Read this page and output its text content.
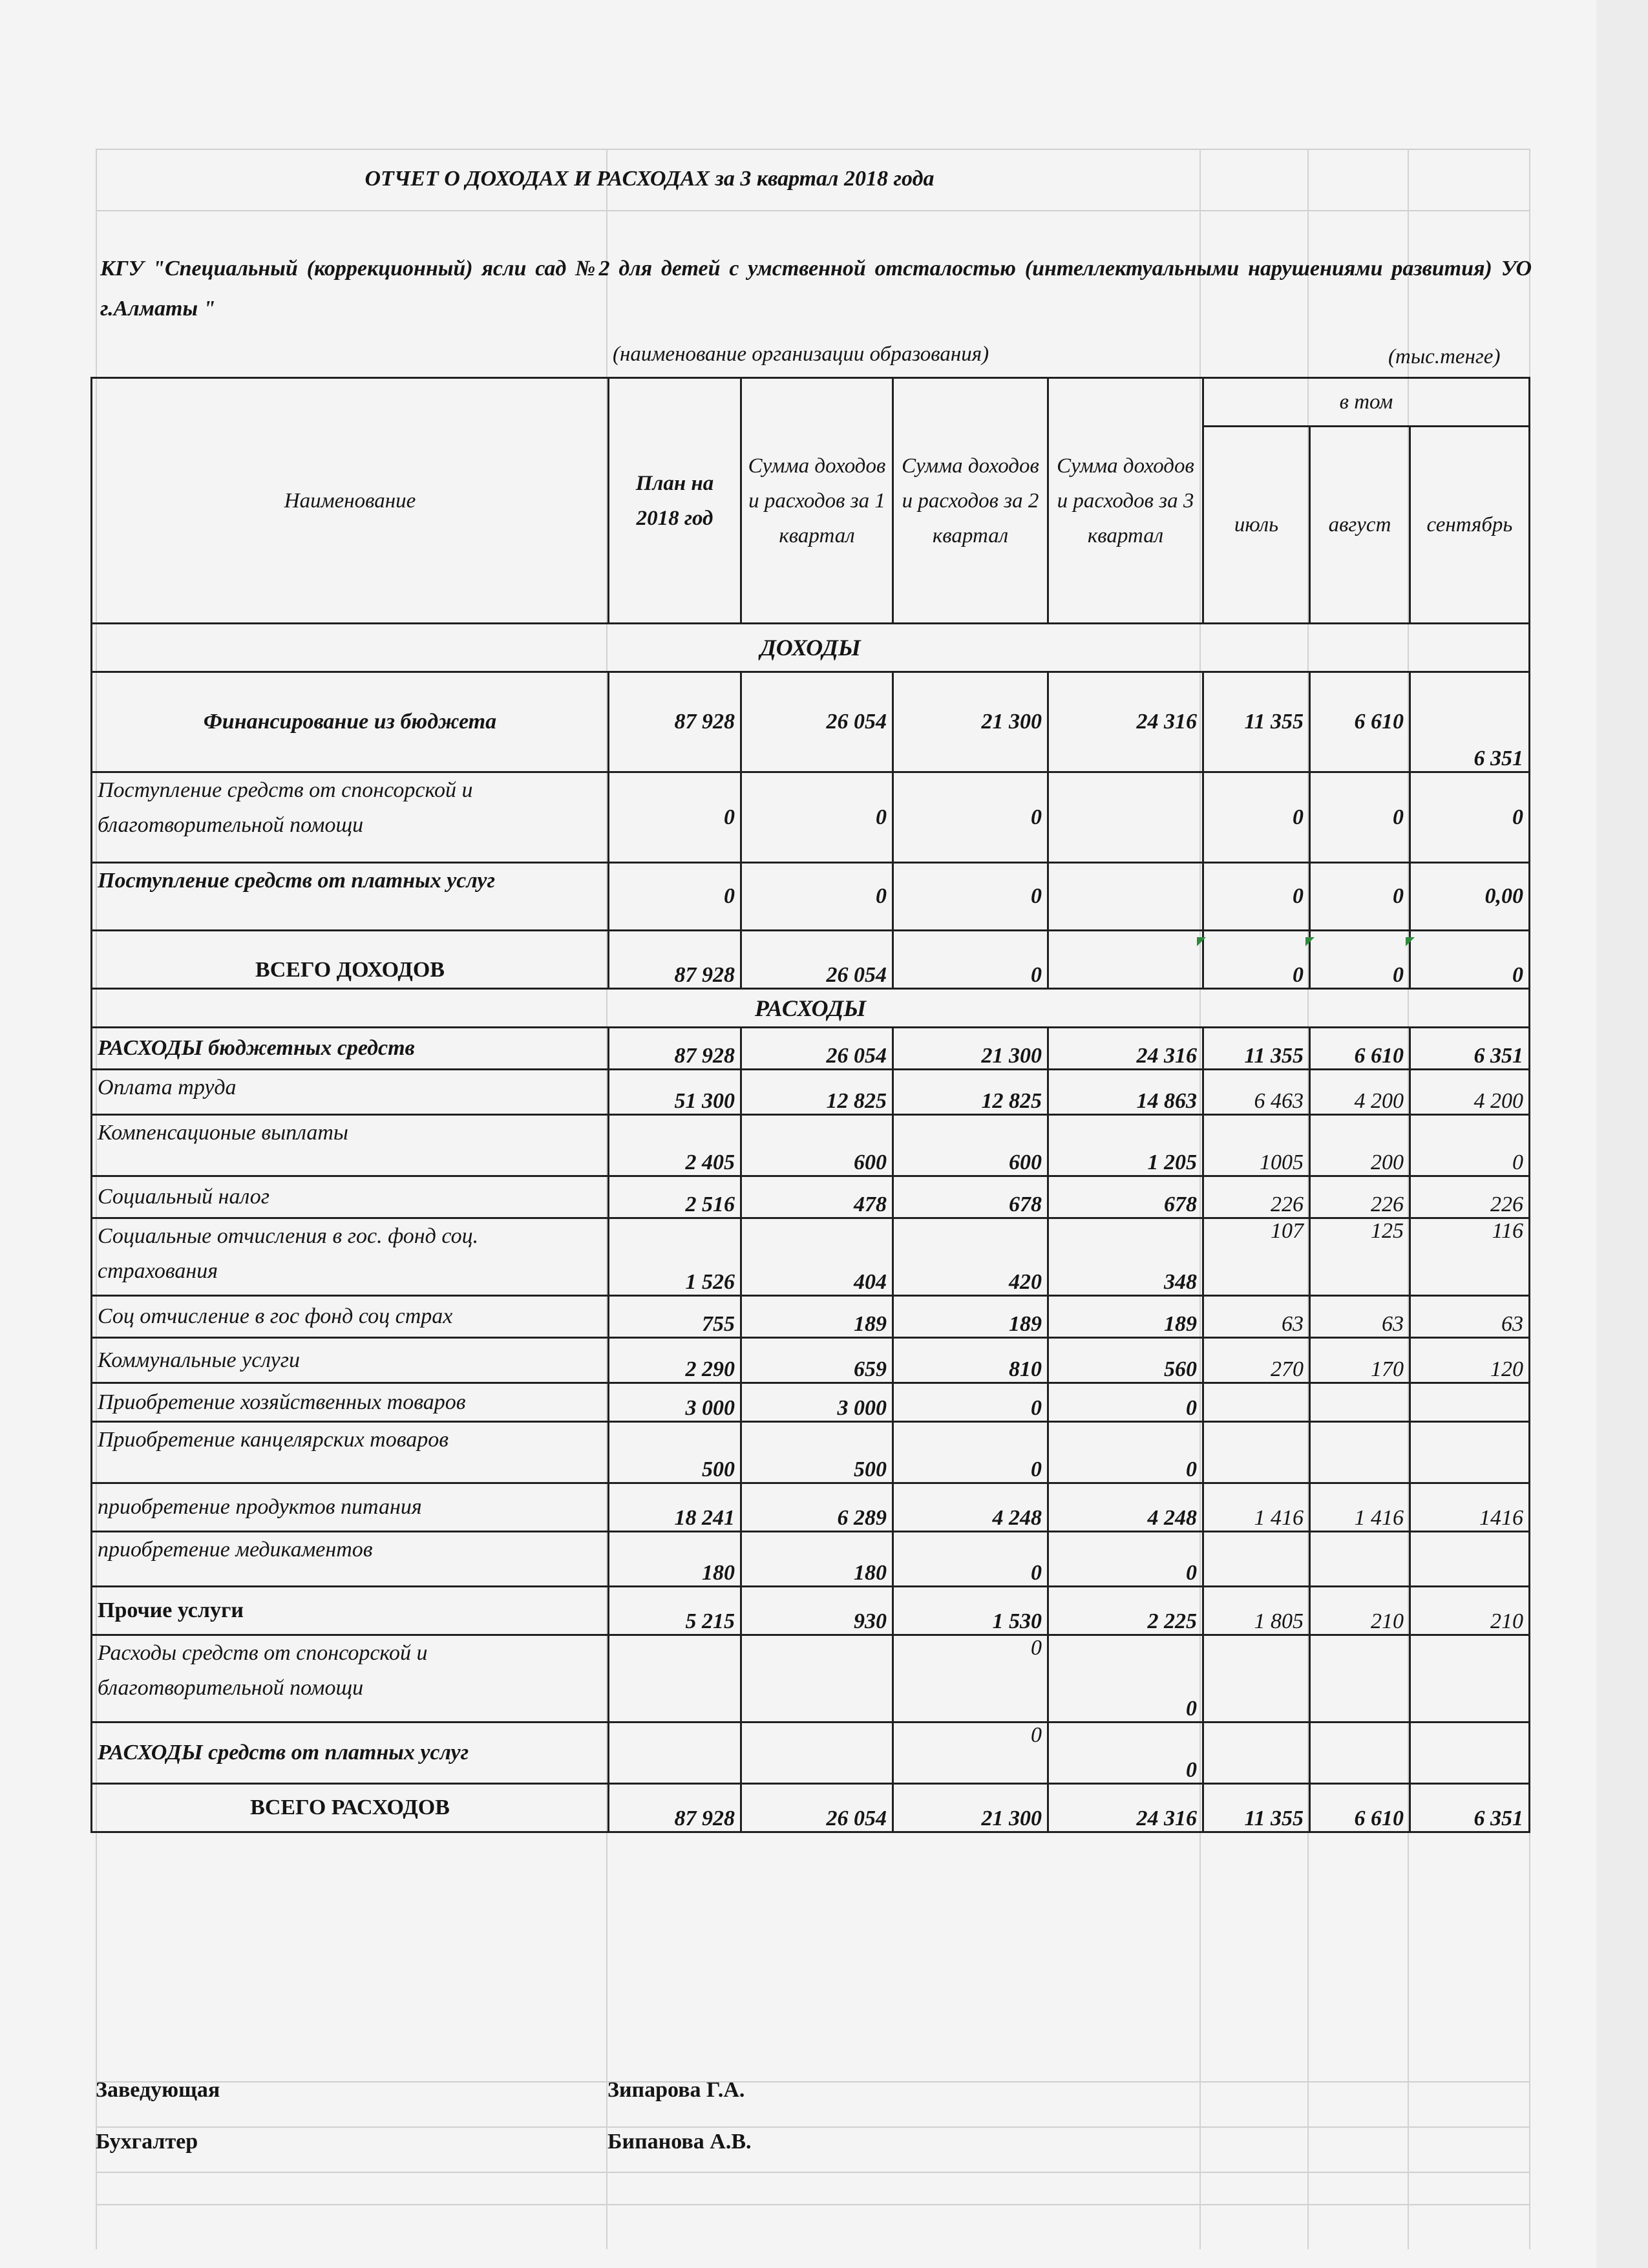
ОТЧЕТ О ДОХОДАХ И РАСХОДАХ за 3 квартал 2018 года
КГУ "Специальный (коррекционный) ясли сад №2 для детей с умственной отсталостью (интеллектуальными нарушениями развития) УО г.Алматы "
(наименование организации образования)	(тыс.тенге)
Наименование	План на 2018 год	Сумма доходов и расходов за 1 квартал	Сумма доходов и расходов за 2 квартал	Сумма доходов и расходов за 3 квартал	в том		
					июль	август	сентябрь
ДОХОДЫ							
Финансирование из бюджета	87 928	26 054	21 300	24 316	11 355	6 610	6 351
Поступление средств от спонсорской и благотворительной помощи	0	0	0		0	0	0
Поступление средств от платных услуг	0	0	0		0	0	0,00
ВСЕГО ДОХОДОВ	87 928	26 054	0		0	0	0
РАСХОДЫ							
РАСХОДЫ бюджетных средств	87 928	26 054	21 300	24 316	11 355	6 610	6 351
Оплата труда	51 300	12 825	12 825	14 863	6 463	4 200	4 200
Компенсационые выплаты	2 405	600	600	1 205	1005	200	0
Социальный налог	2 516	478	678	678	226	226	226
Социальные отчисления в гос. фонд соц. страхования	1 526	404	420	348	107	125	116
Соц отчисление в гос фонд соц страх	755	189	189	189	63	63	63
Коммунальные услуги	2 290	659	810	560	270	170	120
Приобретение хозяйственных товаров	3 000	3 000	0	0			
Приобретение канцелярских товаров	500	500	0	0			
приобретение продуктов питания	18 241	6 289	4 248	4 248	1 416	1 416	1416
приобретение медикаментов	180	180	0	0			
Прочие услуги	5 215	930	1 530	2 225	1 805	210	210
Расходы средств от спонсорской и благотворительной помощи			0	0			
РАСХОДЫ средств от платных услуг			0	0			
ВСЕГО РАСХОДОВ	87 928	26 054	21 300	24 316	11 355	6 610	6 351
Заведующая	Зипарова Г.А.
Бухгалтер	Бипанова А.В.
